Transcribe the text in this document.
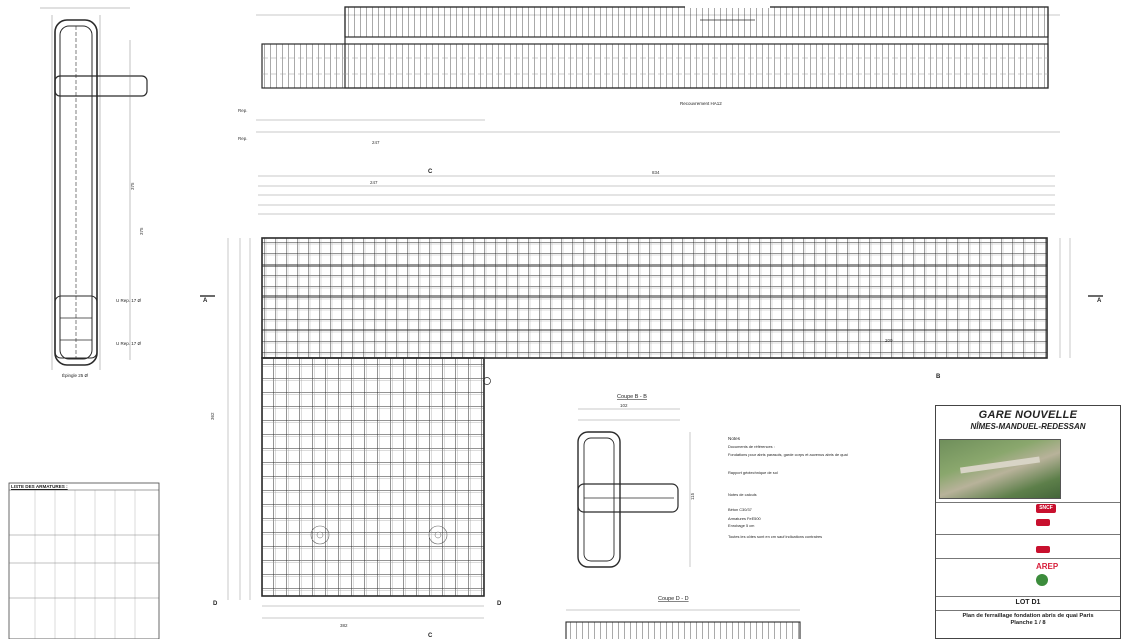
375
375
U Rep. 17 Ø
U Rep. 17 Ø
Épingle 25 Ø
247
Recouvrement HA12
Rep.
Rep.
834
247
200
362
382
A	A
B
C
C
D	D
Coupe B - B
102
115
Coupe D - D
Notes
Documents de références :
Fondations pour abris parasols, garde corps et auvenus abris de quai
Rapport géotechnique de sol
Notes de calculs
Béton C30/37
Armatures FeE500
Enrobage 5 cm
Toutes les côtes sont en cm sauf indications contraires
LISTE DES ARMATURES :
GARE NOUVELLE
NÎMES-MANDUEL-REDESSAN
SNCF
AREP
LOT D1
Plan de ferraillage fondation abris de quai Paris
Planche 1 / 8
